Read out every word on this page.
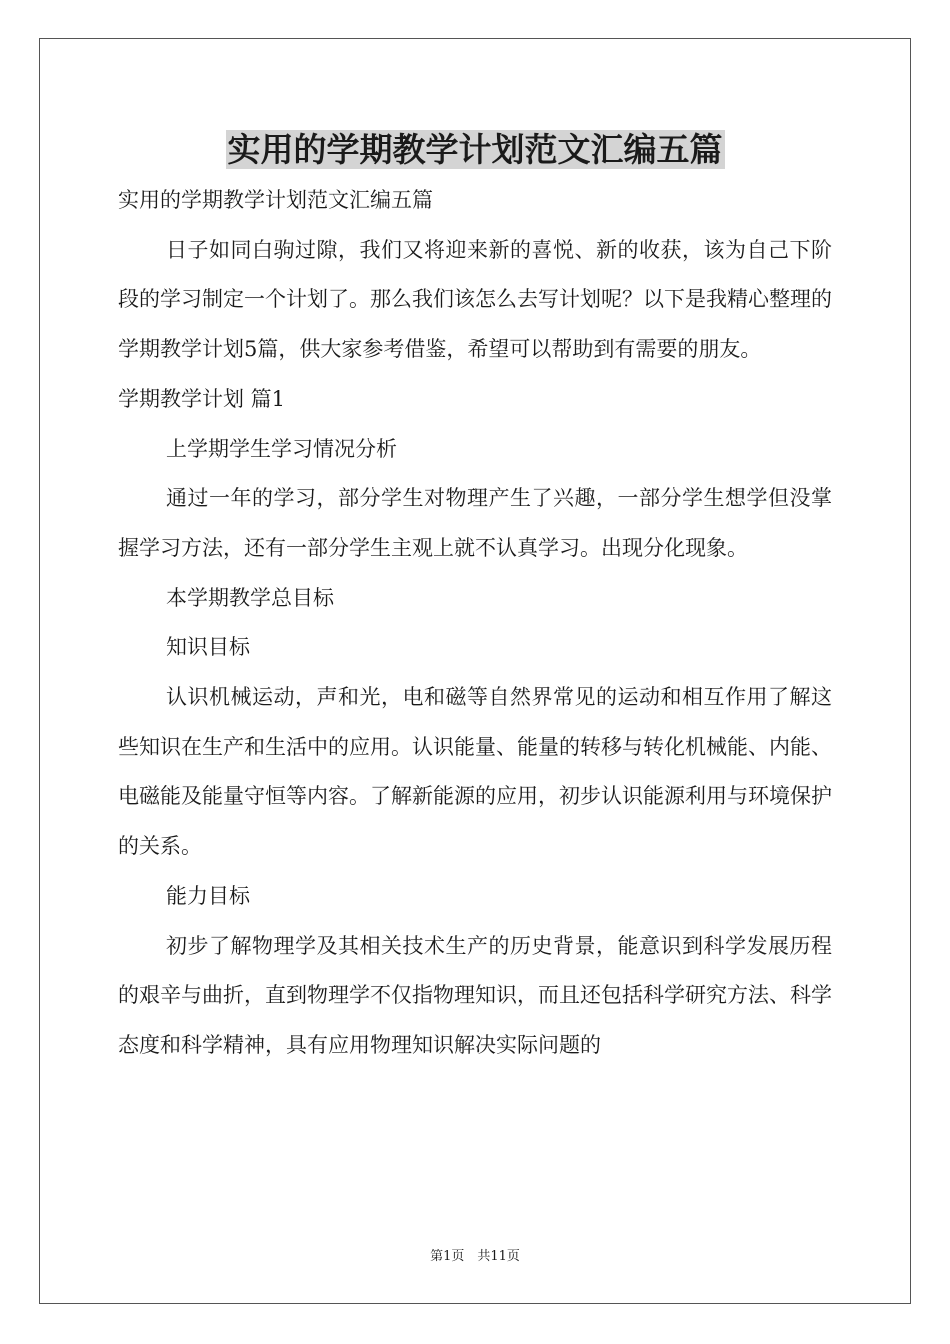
实用的学期教学计划范文汇编五篇

实用的学期教学计划范文汇编五篇

日子如同白驹过隙，我们又将迎来新的喜悦、新的收获，该为自己下阶段的学习制定一个计划了。那么我们该怎么去写计划呢？以下是我精心整理的学期教学计划5篇，供大家参考借鉴，希望可以帮助到有需要的朋友。

学期教学计划 篇1

上学期学生学习情况分析

通过一年的学习，部分学生对物理产生了兴趣，一部分学生想学但没掌握学习方法，还有一部分学生主观上就不认真学习。出现分化现象。

本学期教学总目标

知识目标

认识机械运动，声和光，电和磁等自然界常见的运动和相互作用了解这些知识在生产和生活中的应用。认识能量、能量的转移与转化机械能、内能、电磁能及能量守恒等内容。了解新能源的应用，初步认识能源利用与环境保护的关系。

能力目标

初步了解物理学及其相关技术生产的历史背景，能意识到科学发展历程的艰辛与曲折，直到物理学不仅指物理知识，而且还包括科学研究方法、科学态度和科学精神，具有应用物理知识解决实际问题的

第1页　共11页
